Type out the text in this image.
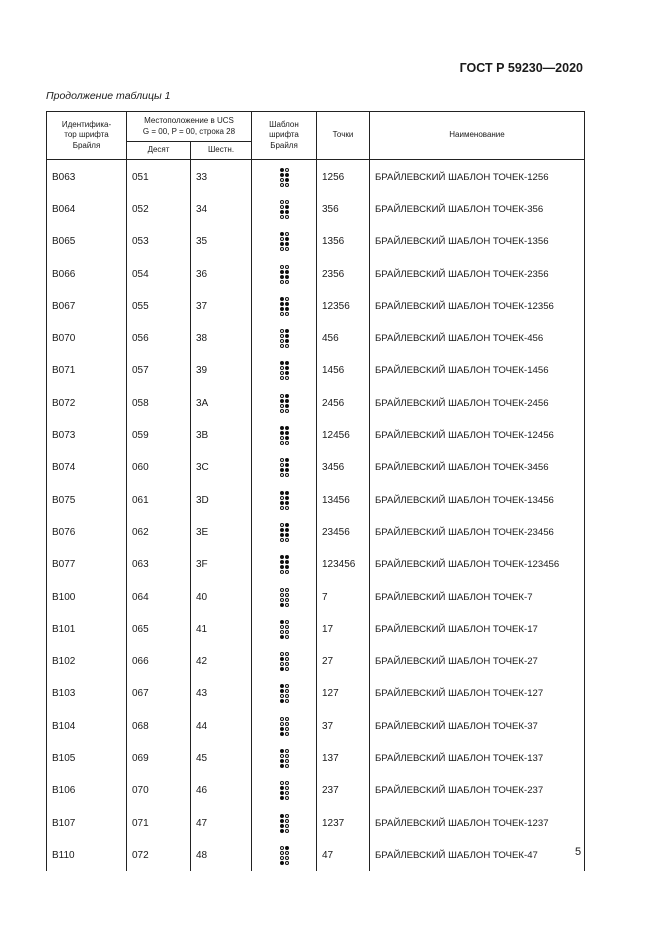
ГОСТ Р 59230—2020
Продолжение таблицы 1
Идентифика-
тор шрифта
Брайля	Местоположение в UCS
G = 00, P = 00, строка 28		Шаблон
шрифта
Брайля	Точки	Наименование
	Десят	Шестн.			
B063	051	33		1256	БРАЙЛЕВСКИЙ ШАБЛОН ТОЧЕК-1256
B064	052	34		356	БРАЙЛЕВСКИЙ ШАБЛОН ТОЧЕК-356
B065	053	35		1356	БРАЙЛЕВСКИЙ ШАБЛОН ТОЧЕК-1356
B066	054	36		2356	БРАЙЛЕВСКИЙ ШАБЛОН ТОЧЕК-2356
B067	055	37		12356	БРАЙЛЕВСКИЙ ШАБЛОН ТОЧЕК-12356
B070	056	38		456	БРАЙЛЕВСКИЙ ШАБЛОН ТОЧЕК-456
B071	057	39		1456	БРАЙЛЕВСКИЙ ШАБЛОН ТОЧЕК-1456
B072	058	3A		2456	БРАЙЛЕВСКИЙ ШАБЛОН ТОЧЕК-2456
B073	059	3B		12456	БРАЙЛЕВСКИЙ ШАБЛОН ТОЧЕК-12456
B074	060	3C		3456	БРАЙЛЕВСКИЙ ШАБЛОН ТОЧЕК-3456
B075	061	3D		13456	БРАЙЛЕВСКИЙ ШАБЛОН ТОЧЕК-13456
B076	062	3E		23456	БРАЙЛЕВСКИЙ ШАБЛОН ТОЧЕК-23456
B077	063	3F		123456	БРАЙЛЕВСКИЙ ШАБЛОН ТОЧЕК-123456
B100	064	40		7	БРАЙЛЕВСКИЙ ШАБЛОН ТОЧЕК-7
B101	065	41		17	БРАЙЛЕВСКИЙ ШАБЛОН ТОЧЕК-17
B102	066	42		27	БРАЙЛЕВСКИЙ ШАБЛОН ТОЧЕК-27
B103	067	43		127	БРАЙЛЕВСКИЙ ШАБЛОН ТОЧЕК-127
B104	068	44		37	БРАЙЛЕВСКИЙ ШАБЛОН ТОЧЕК-37
B105	069	45		137	БРАЙЛЕВСКИЙ ШАБЛОН ТОЧЕК-137
B106	070	46		237	БРАЙЛЕВСКИЙ ШАБЛОН ТОЧЕК-237
B107	071	47		1237	БРАЙЛЕВСКИЙ ШАБЛОН ТОЧЕК-1237
B110	072	48		47	БРАЙЛЕВСКИЙ ШАБЛОН ТОЧЕК-47	5
